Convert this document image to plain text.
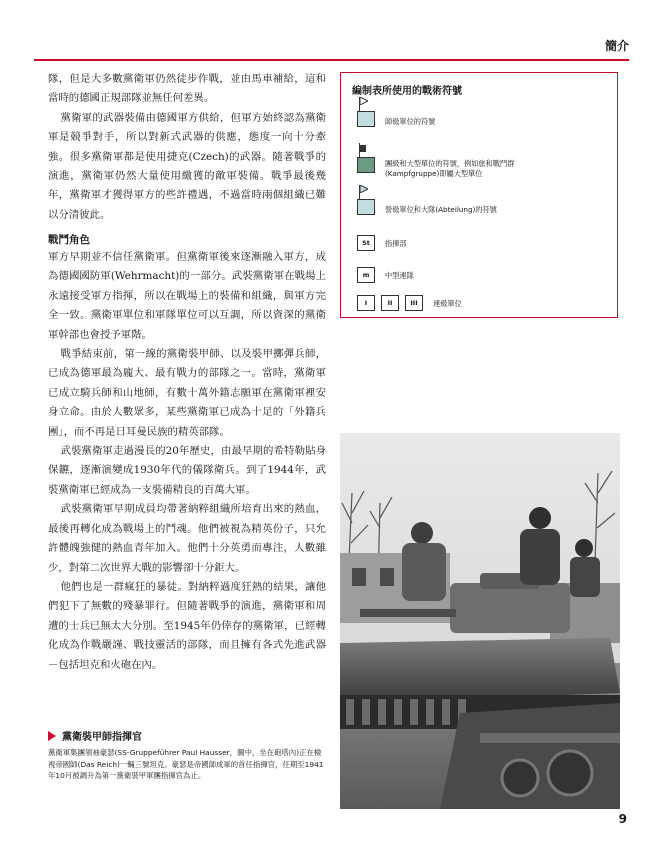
簡介

隊，但是大多數黨衛軍仍然徒步作戰，並由馬車補給，這和當時的德國正規部隊並無任何差異。

黨衛軍的武器裝備由德國軍方供給，但軍方始終認為黨衛軍是競爭對手，所以對新式武器的供應，態度一向十分牽強。很多黨衛軍都是使用捷克(Czech)的武器。隨著戰爭的演進，黨衛軍仍然大量使用繳獲的敵軍裝備。戰爭最後幾年，黨衛軍才獲得軍方的些許禮遇，不過當時兩個組織已難以分清彼此。

戰鬥角色

軍方早期並不信任黨衛軍。但黨衛軍後來逐漸融入軍方，成為德國國防軍(Wehrmacht)的一部分。武裝黨衛軍在戰場上永遠接受軍方指揮，所以在戰場上的裝備和組織，與軍方完全一致。黨衛軍單位和軍隊單位可以互調，所以資深的黨衛軍幹部也會授予軍階。

戰爭結束前，第一線的黨衛裝甲師、以及裝甲擲彈兵師，已成為德軍最為龐大、最有戰力的部隊之一。當時，黨衛軍已成立騎兵師和山地師，有數十萬外籍志願軍在黨衛軍裡安身立命。由於人數眾多，某些黨衛軍已成為十足的「外籍兵團」，而不再是日耳曼民族的精英部隊。

武裝黨衛軍走過漫長的20年歷史，由最早期的希特勒貼身保鑣，逐漸演變成1930年代的儀隊衛兵。到了1944年，武裝黨衛軍已經成為一支裝備精良的百萬大軍。

武裝黨衛軍早期成員均帶著納粹組織所培育出來的熱血，最後再轉化成為戰場上的鬥魂。他們被視為精英份子，只允許體魄強健的熱血青年加入。他們十分英勇而專注，人數雖少，對第二次世界大戰的影響卻十分鉅大。

他們也是一群瘋狂的暴徒。對納粹過度狂熱的結果，讓他們犯下了無數的殘暴罪行。但隨著戰爭的演進，黨衛軍和周遭的士兵已無太大分別。至1945年仍倖存的黨衛軍，已經轉化成為作戰嚴謹、戰技靈活的部隊，而且擁有各式先進武器－包括坦克和火砲在內。

黨衛裝甲師指揮官

黨衛軍集團領袖豪瑟(SS-Gruppeführer Paul Hausser，圖中，坐在砲塔內)正在檢視帝國師(Das Reich)一輛三號坦克。豪瑟是帝國師成軍的首任指揮官，任期至1941年10月被調升為第一黨衛裝甲軍團指揮官為止。

編制表所使用的戰術符號
師級單位的符號
團級和大型單位的符號，例如旅和戰鬥群(Kampfgruppe)即屬大型單位
營級單位和大隊(Abteilung)的符號
St	指揮部
m	中型連隊
I	II	III	連級單位
9
